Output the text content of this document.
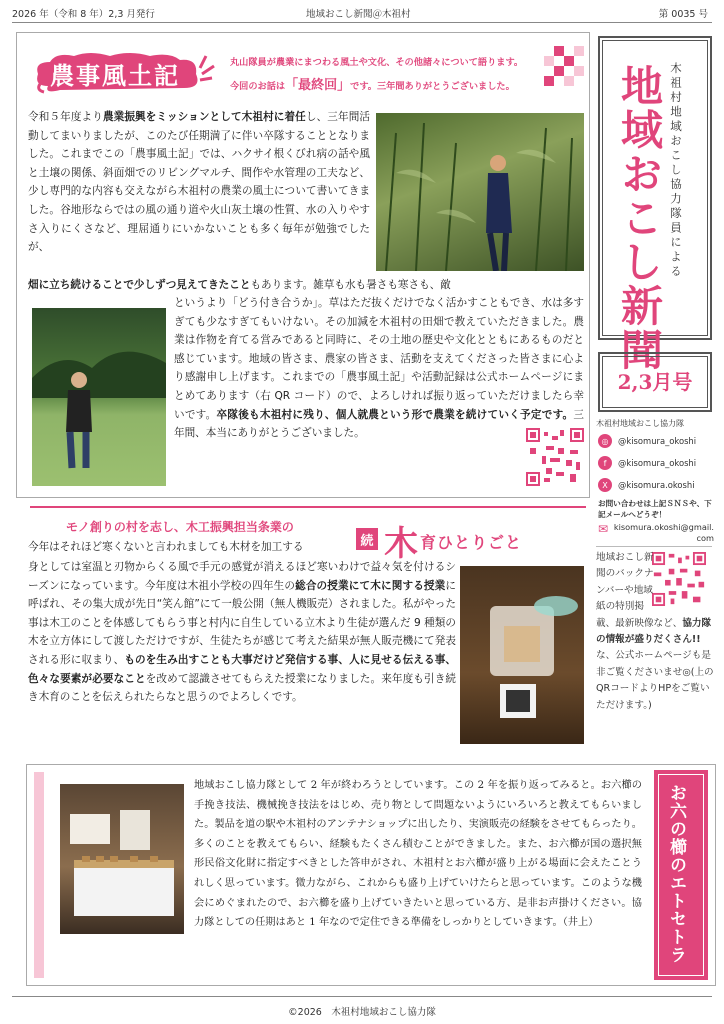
2026 年（令和 8 年）2,3 月発行	地域おこし新聞＠木祖村	第 0035 号
農事風土記	丸山隊員が農業にまつわる風土や文化、その他諸々について語ります。
今回のお話は「最終回」です。三年間ありがとうございました。
令和５年度より農業振興をミッションとして木祖村に着任し、三年間活動してまいりましたが、このたび任期満了に伴い卒隊することとなりました。これまでこの「農事風土記」では、ハクサイ根くびれ病の話や風と土壌の関係、斜面畑でのリビングマルチ、間作や水管理の工夫など、少し専門的な内容も交えながら木祖村の農業の風土について書いてきました。谷地形ならではの風の通り道や火山灰土壌の性質、水の入りやすさ入りにくさなど、理屈通りにいかないことも多く毎年が勉強でしたが、
畑に立ち続けることで少しずつ見えてきたこともあります。雑草も水も暑さも寒さも、敵
というより「どう付き合うか」。草はただ抜くだけでなく活かすこともでき、水は多すぎても少なすぎてもいけない。その加減を木祖村の田畑で教えていただきました。農業は作物を育てる営みであると同時に、その土地の歴史や文化とともにあるものだと感じています。地域の皆さま、農家の皆さま、活動を支えてくださった皆さまに心より感謝申し上げます。これまでの「農事風土記」や活動記録は公式ホームページにまとめてあります（右 QR コード）ので、よろしければ振り返っていただけましたら幸いです。卒隊後も木祖村に残り、個人就農という形で農業を続けていく予定です。三年間、本当にありがとうございました。
木祖村地域おこし協力隊員による
地域おこし新聞
2,3月号
木祖村地域おこし協力隊
◎	@kisomura_okoshi
f	@kisomura_okoshi
X	@kisomura.okoshi
お問い合わせは上記ＳＮＳや、下記メールへどうぞ！
✉ kisomura.okoshi@gmail.com
地域おこし新聞のバックナンバーや地域紙の特別掲載、最新映像など、協力隊の情報が盛りだくさん!!な、公式ホームページも是非ご覧くださいませ◎(上のQRコードよりHPをご覧いただけます。)
モノ創りの村を志し、木工振興担当条業の
続 木 育ひとりごと
今年はそれほど寒くないと言われましても木材を加工する
身としては室温と刃物からくる風で手元の感覚が消えるほど寒いわけで益々気を付けるシーズンになっています。今年度は木祖小学校の四年生の総合の授業にて木に関する授業に呼ばれ、その集大成が先日“笑ん館”にて一般公開（無人機販売）されました。私がやった事は木工のことを体感してもらう事と村内に自生している立木より生徒が選んだ 9 種類の木を立方体にして渡しただけですが、生徒たちが感じて考えた結果が無人販売機にて発表される形に収まり、ものを生み出すことも大事だけど発信する事、人に見せる伝える事、色々な要素が必要なことを改めて認識させてもらえた授業になりました。来年度も引き続き木育のことを伝えられたらなと思うのでよろしくです。
地域おこし協力隊として 2 年が終わろうとしています。この 2 年を振り返ってみると。お六櫛の手挽き技法、機械挽き技法をはじめ、売り物として問題ないようにいろいろと教えてもらいました。製品を道の駅や木祖村のアンテナショップに出したり、実演販売の経験をさせてもらったり。多くのことを教えてもらい、経験もたくさん積むことができました。また、お六櫛が国の選択無形民俗文化財に指定すべきとした答申がされ、木祖村とお六櫛が盛り上がる場面に会えたことうれしく思っています。微力ながら、これからも盛り上げていけたらと思っています。このような機会にめぐまれたので、お六櫛を盛り上げていきたいと思っている方、是非お声掛けください。協力隊としての任期はあと 1 年なので定住できる準備をしっかりとしていきます。（井上）	お六の櫛のエトセトラ
©2026　木祖村地域おこし協力隊
